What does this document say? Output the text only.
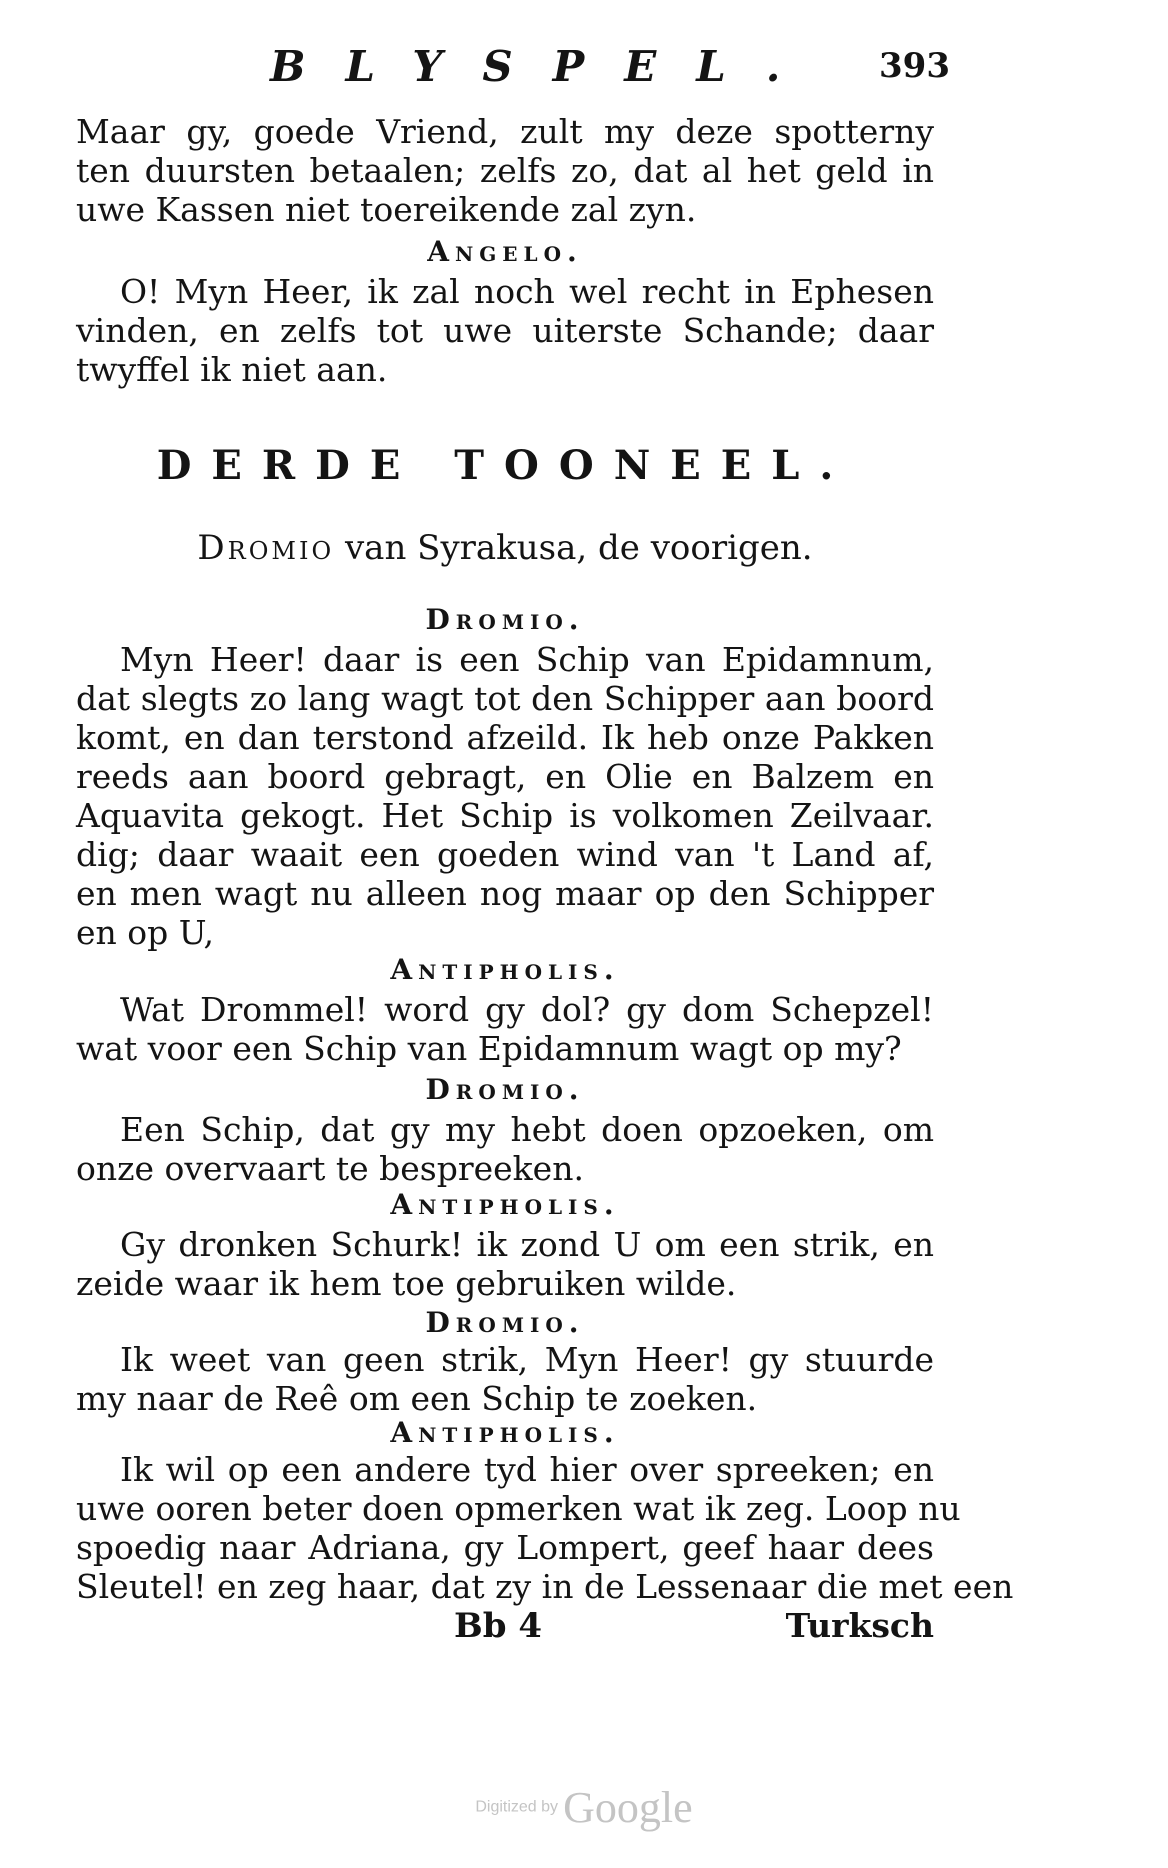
BLYSPEL. 393
Maar gy, goede Vriend, zult my deze spotterny
ten duursten betaalen; zelfs zo, dat al het geld in
uwe Kassen niet toereikende zal zyn.
Angelo.
O! Myn Heer, ik zal noch wel recht in Ephesen
vinden, en zelfs tot uwe uiterste Schande; daar
twyffel ik niet aan.
DERDE TOONEEL.
Dromio van Syrakusa, de voorigen.
Dromio.
Myn Heer! daar is een Schip van Epidamnum,
dat slegts zo lang wagt tot den Schipper aan boord
komt, en dan terstond afzeild. Ik heb onze Pakken
reeds aan boord gebragt, en Olie en Balzem en
Aquavita gekogt. Het Schip is volkomen Zeilvaar.
dig; daar waait een goeden wind van 't Land af,
en men wagt nu alleen nog maar op den Schipper
en op U,
Antipholis.
Wat Drommel! word gy dol? gy dom Schepzel!
wat voor een Schip van Epidamnum wagt op my?
Dromio.
Een Schip, dat gy my hebt doen opzoeken, om
onze overvaart te bespreeken.
Antipholis.
Gy dronken Schurk! ik zond U om een strik, en
zeide waar ik hem toe gebruiken wilde.
Dromio.
Ik weet van geen strik, Myn Heer! gy stuurde
my naar de Reê om een Schip te zoeken.
Antipholis.
Ik wil op een andere tyd hier over spreeken; en
uwe ooren beter doen opmerken wat ik zeg. Loop nu
spoedig naar Adriana, gy Lompert, geef haar dees
Sleutel! en zeg haar, dat zy in de Lessenaar die met een
Bb 4	Turksch
Digitized by Google
